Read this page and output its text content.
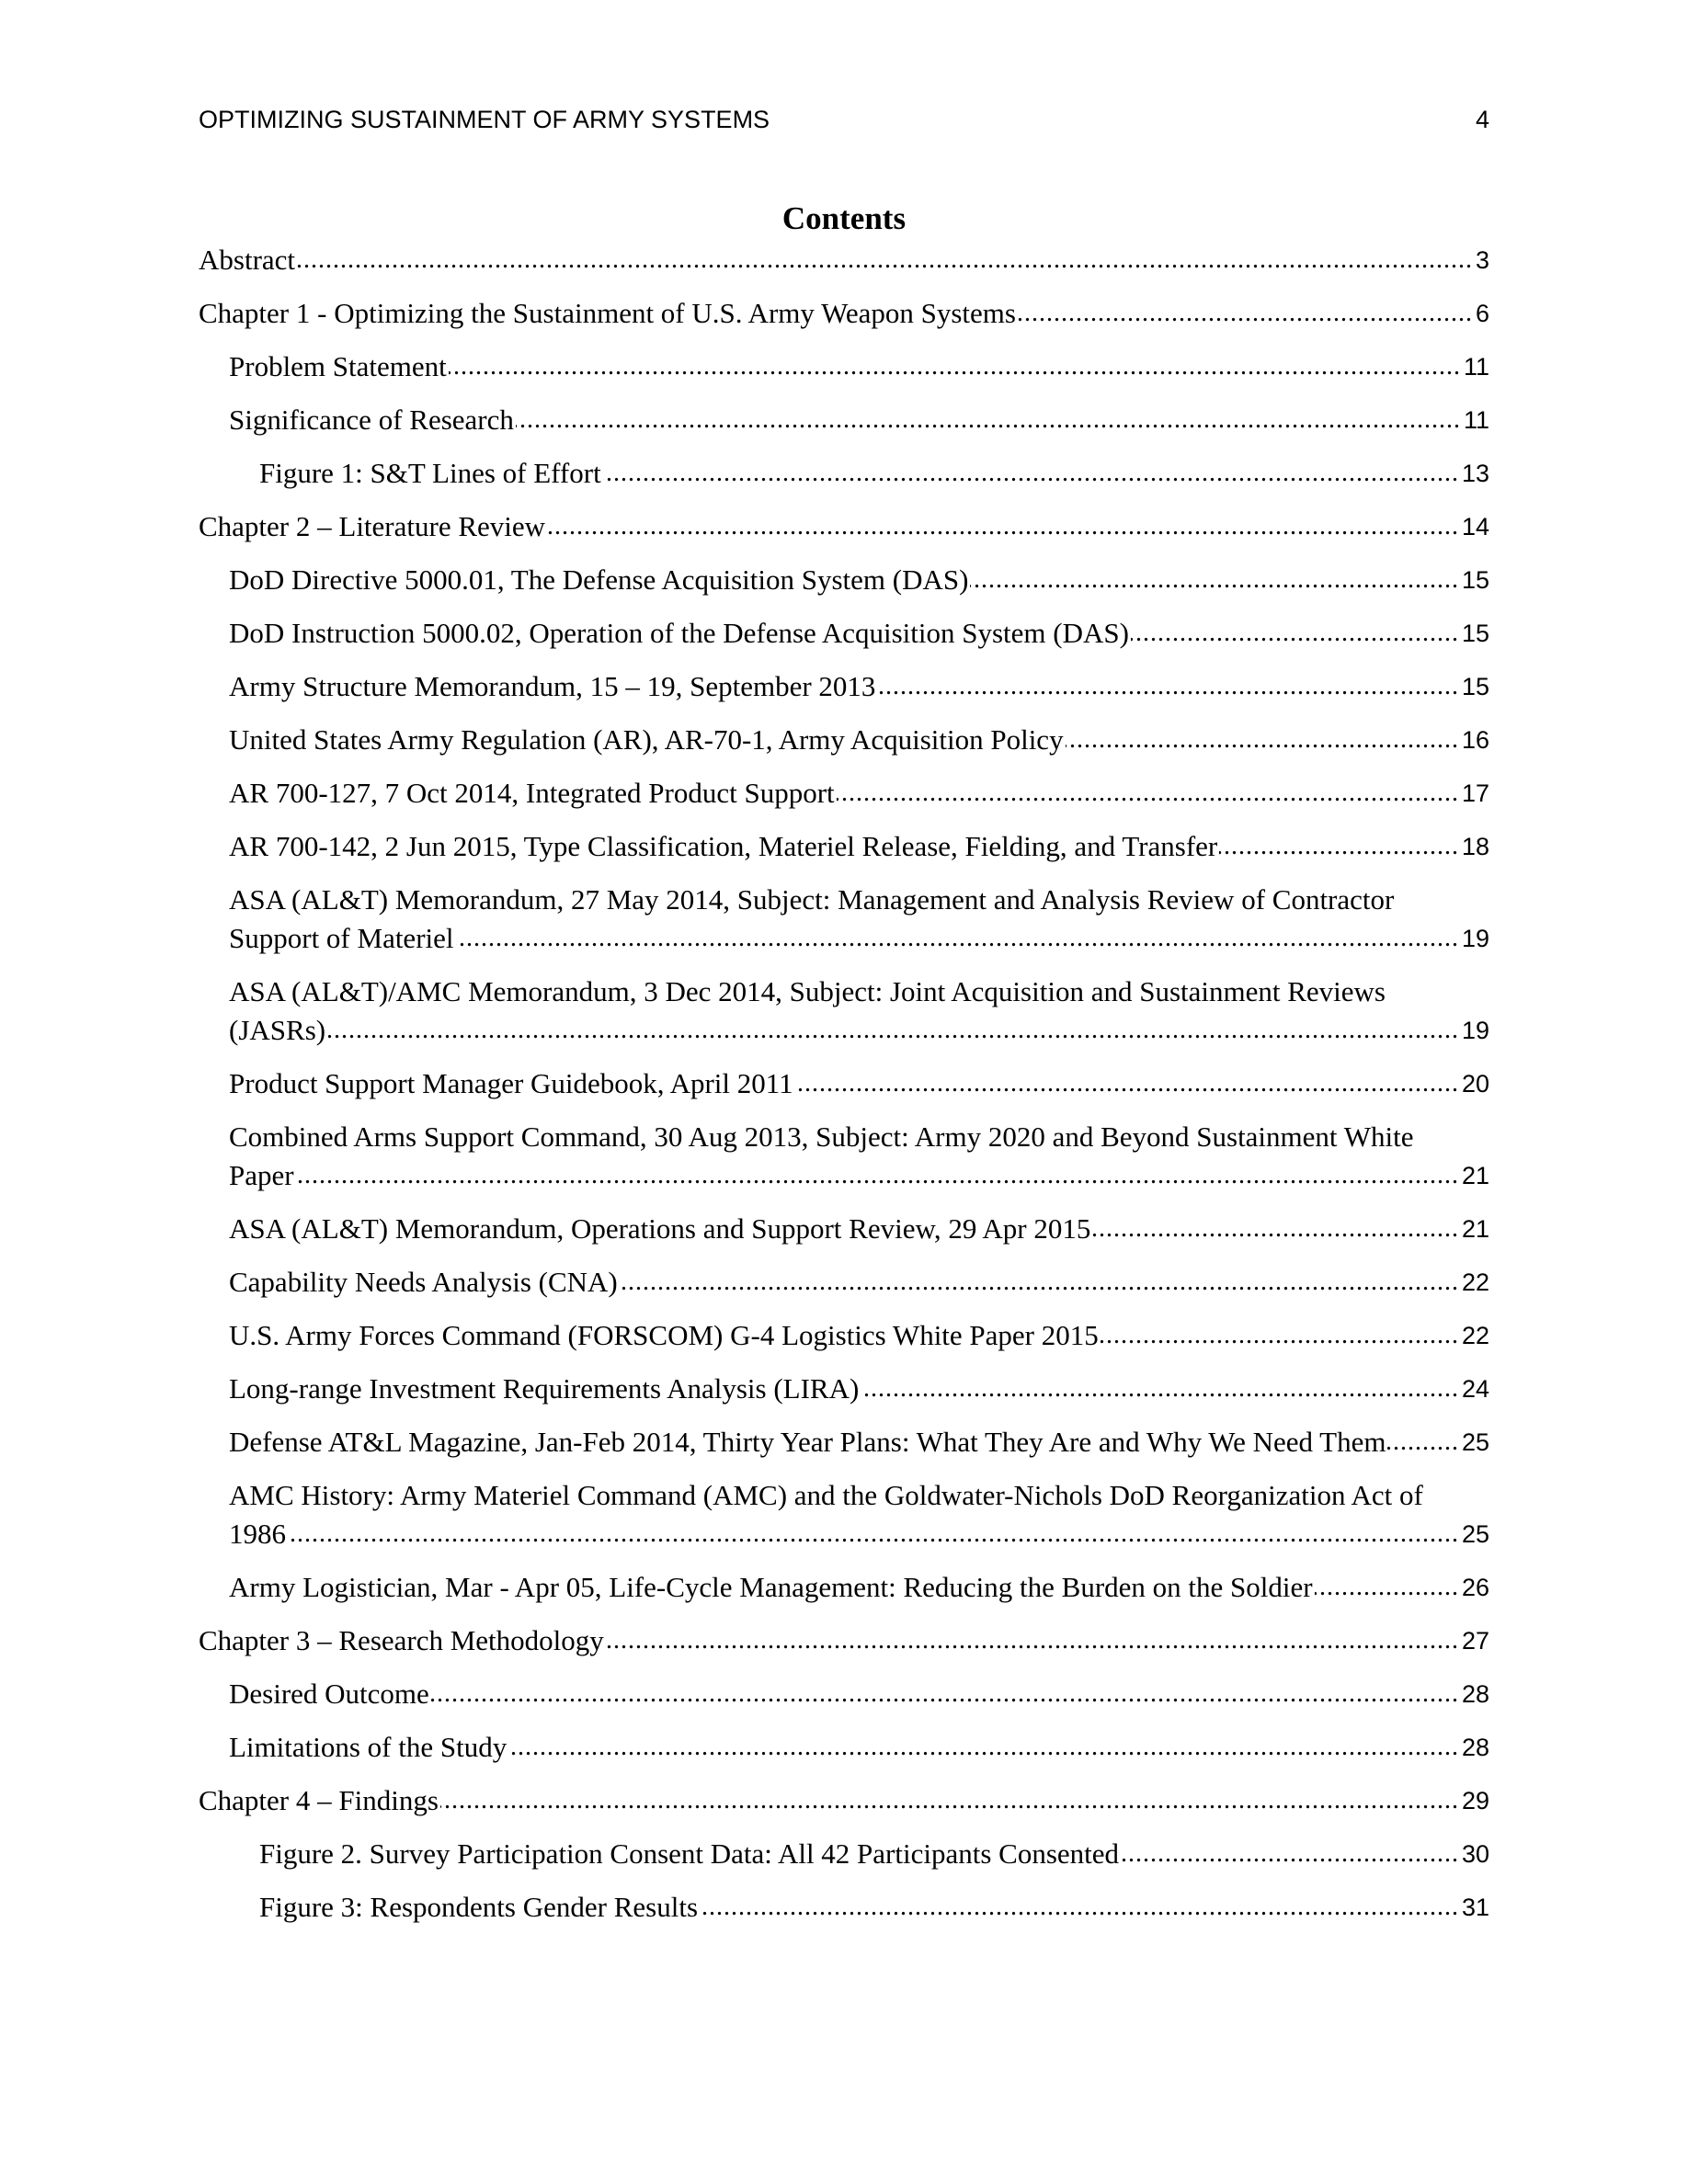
OPTIMIZING SUSTAINMENT OF ARMY SYSTEMS	4
Contents
Abstract .....	3
Chapter 1 - Optimizing the Sustainment of U.S. Army Weapon Systems .....	6
Problem Statement .....	11
Significance of Research .....	11
Figure 1: S&T Lines of Effort .....	13
Chapter 2 – Literature Review .....	14
DoD Directive 5000.01, The Defense Acquisition System (DAS) .....	15
DoD Instruction 5000.02, Operation of the Defense Acquisition System (DAS) .....	15
Army Structure Memorandum, 15 – 19, September 2013 .....	15
United States Army Regulation (AR), AR-70-1, Army Acquisition Policy .....	16
AR 700-127, 7 Oct 2014, Integrated Product Support .....	17
AR 700-142, 2 Jun 2015, Type Classification, Materiel Release, Fielding, and Transfer .....	18
ASA (AL&T) Memorandum, 27 May 2014, Subject: Management and Analysis Review of Contractor Support of Materiel .....	19
ASA (AL&T)/AMC Memorandum, 3 Dec 2014, Subject: Joint Acquisition and Sustainment Reviews (JASRs) .....	19
Product Support Manager Guidebook, April 2011 .....	20
Combined Arms Support Command, 30 Aug 2013, Subject: Army 2020 and Beyond Sustainment White Paper .....	21
ASA (AL&T) Memorandum, Operations and Support Review, 29 Apr 2015 .....	21
Capability Needs Analysis (CNA) .....	22
U.S. Army Forces Command (FORSCOM) G-4 Logistics White Paper 2015 .....	22
Long-range Investment Requirements Analysis (LIRA) .....	24
Defense AT&L Magazine, Jan-Feb 2014, Thirty Year Plans: What They Are and Why We Need Them .....	25
AMC History: Army Materiel Command (AMC) and the Goldwater-Nichols DoD Reorganization Act of 1986 .....	25
Army Logistician, Mar - Apr 05, Life-Cycle Management: Reducing the Burden on the Soldier .....	26
Chapter 3 – Research Methodology .....	27
Desired Outcome .....	28
Limitations of the Study .....	28
Chapter 4 – Findings .....	29
Figure 2. Survey Participation Consent Data: All 42 Participants Consented .....	30
Figure 3: Respondents Gender Results .....	31
